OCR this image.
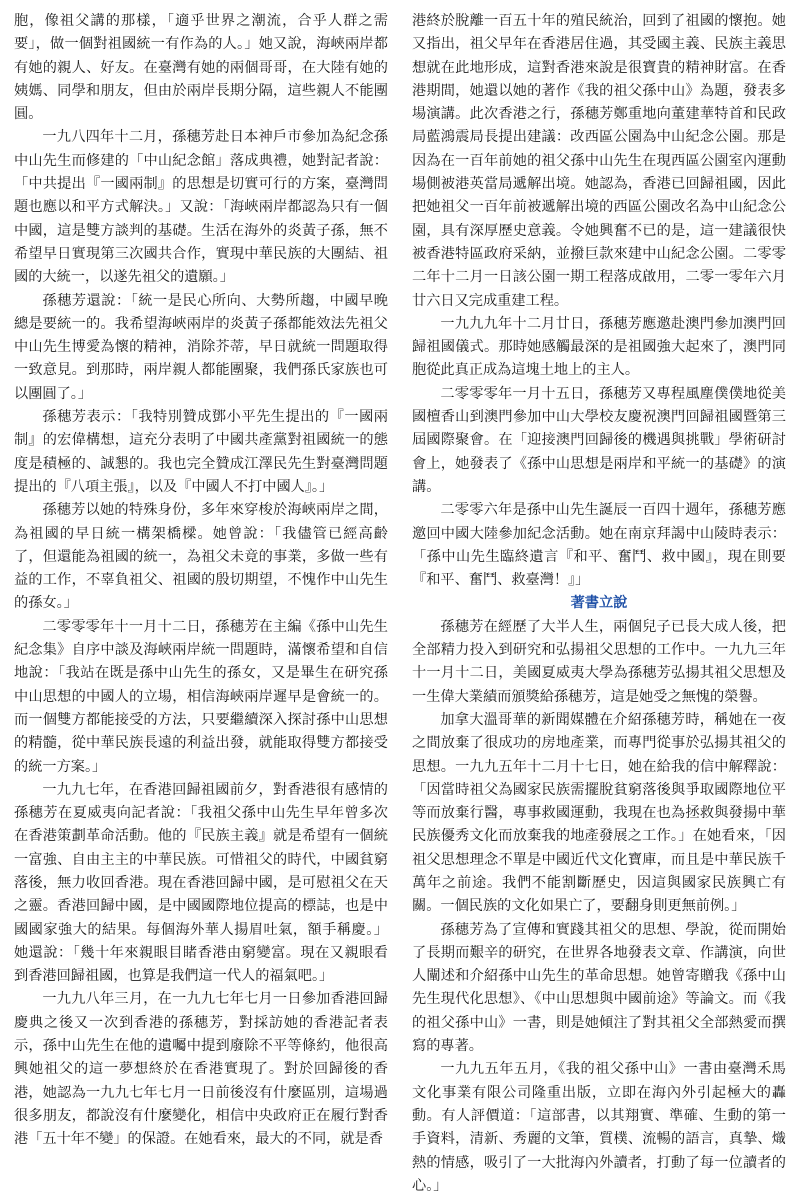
胞，像祖父講的那樣，「適乎世界之潮流，合乎人群之需要」，做一個對祖國統一有作為的人。」她又說，海峽兩岸都有她的親人、好友。在臺灣有她的兩個哥哥，在大陸有她的姨媽、同學和朋友，但由於兩岸長期分隔，這些親人不能團圓。

一九八四年十二月，孫穗芳赴日本神戶市參加為紀念孫中山先生而修建的「中山紀念館」落成典禮，她對記者說：「中共提出『一國兩制』的思想是切實可行的方案，臺灣問題也應以和平方式解決。」又說：「海峽兩岸都認為只有一個中國，這是雙方談判的基礎。生活在海外的炎黃子孫，無不希望早日實現第三次國共合作，實現中華民族的大團結、祖國的大統一，以遂先祖父的遺願。」

孫穗芳還說：「統一是民心所向、大勢所趨，中國早晚總是要統一的。我希望海峽兩岸的炎黃子孫都能效法先祖父中山先生博愛為懷的精神，消除芥蒂，早日就統一問題取得一致意見。到那時，兩岸親人都能團聚，我們孫氏家族也可以團圓了。」

孫穗芳表示：「我特別贊成鄧小平先生提出的『一國兩制』的宏偉構想，這充分表明了中國共產黨對祖國統一的態度是積極的、誠懇的。我也完全贊成江澤民先生對臺灣問題提出的『八項主張』，以及『中國人不打中國人』。」

孫穗芳以她的特殊身份，多年來穿梭於海峽兩岸之間，為祖國的早日統一構架橋樑。她曾說：「我儘管已經高齡了，但還能為祖國的統一，為祖父未竟的事業，多做一些有益的工作，不辜負祖父、祖國的殷切期望，不愧作中山先生的孫女。」

二零零零年十一月十二日，孫穗芳在主編《孫中山先生紀念集》自序中談及海峽兩岸統一問題時，滿懷希望和自信地說：「我站在既是孫中山先生的孫女，又是畢生在研究孫中山思想的中國人的立場，相信海峽兩岸遲早是會統一的。而一個雙方都能接受的方法，只要繼續深入探討孫中山思想的精髓，從中華民族長遠的利益出發，就能取得雙方都接受的統一方案。」

一九九七年，在香港回歸祖國前夕，對香港很有感情的孫穗芳在夏威夷向記者說：「我祖父孫中山先生早年曾多次在香港策劃革命活動。他的『民族主義』就是希望有一個統一富強、自由主主的中華民族。可惜祖父的時代，中國貧窮落後，無力收回香港。現在香港回歸中國，是可慰祖父在天之靈。香港回歸中國，是中國國際地位提高的標誌，也是中國國家強大的結果。每個海外華人揚眉吐氣，額手稱慶。」她還說：「幾十年來親眼目睹香港由窮變富。現在又親眼看到香港回歸祖國，也算是我們這一代人的福氣吧。」

一九九八年三月，在一九九七年七月一日參加香港回歸慶典之後又一次到香港的孫穗芳，對採訪她的香港記者表示，孫中山先生在他的遺囑中提到廢除不平等條約，他很高興她祖父的這一夢想終於在香港實現了。對於回歸後的香港，她認為一九九七年七月一日前後沒有什麼區別，這場過很多朋友，都說沒有什麼變化，相信中央政府正在履行對香港「五十年不變」的保證。在她看來，最大的不同，就是香

港終於脫離一百五十年的殖民統治，回到了祖國的懷抱。她又指出，祖父早年在香港居住過，其受國主義、民族主義思想就在此地形成，這對香港來說是很寶貴的精神財富。在香港期間，她還以她的著作《我的祖父孫中山》為題，發表多場演講。此次香港之行，孫穗芳鄭重地向董建華特首和民政局藍鴻震局長提出建議：改西區公園為中山紀念公園。那是因為在一百年前她的祖父孫中山先生在現西區公園室內運動場側被港英當局遞解出境。她認為，香港已回歸祖國，因此把她祖父一百年前被遞解出境的西區公園改名為中山紀念公園，具有深厚歷史意義。令她興奮不已的是，這一建議很快被香港特區政府采納，並撥巨款來建中山紀念公園。二零零二年十二月一日該公園一期工程落成啟用，二零一零年六月廿六日又完成重建工程。

一九九九年十二月廿日，孫穗芳應邀赴澳門參加澳門回歸祖國儀式。那時她感觸最深的是祖國強大起來了，澳門同胞從此真正成為這塊土地上的主人。

二零零零年一月十五日，孫穗芳又專程風塵僕僕地從美國檀香山到澳門參加中山大學校友慶祝澳門回歸祖國暨第三屆國際聚會。在「迎接澳門回歸後的機遇與挑戰」學術研討會上，她發表了《孫中山思想是兩岸和平統一的基礎》的演講。

二零零六年是孫中山先生誕辰一百四十週年，孫穗芳應邀回中國大陸參加紀念活動。她在南京拜謁中山陵時表示：「孫中山先生臨終遺言『和平、奮鬥、救中國』，現在則要『和平、奮鬥、救臺灣！』」

著書立說

孫穗芳在經歷了大半人生，兩個兒子已長大成人後，把全部精力投入到研究和弘揚祖父思想的工作中。一九九三年十一月十二日，美國夏威夷大學為孫穗芳弘揚其祖父思想及一生偉大業績而頒獎給孫穗芳，這是她受之無愧的榮譽。

加拿大溫哥華的新聞媒體在介紹孫穗芳時，稱她在一夜之間放棄了很成功的房地產業，而專門從事於弘揚其祖父的思想。一九九五年十二月十七日，她在給我的信中解釋說：「因當時祖父為國家民族需擺脫貧窮落後與爭取國際地位平等而放棄行醫，專事救國運動，我現在也為拯救與發揚中華民族優秀文化而放棄我的地產發展之工作。」在她看來，「因祖父思想理念不單是中國近代文化寶庫，而且是中華民族千萬年之前途。我們不能割斷歷史，因這與國家民族興亡有關。一個民族的文化如果亡了，要翻身則更無前例。」

孫穗芳為了宣傳和實踐其祖父的思想、學說，從而開始了長期而艱辛的研究，在世界各地發表文章、作講演，向世人闡述和介紹孫中山先生的革命思想。她曾寄贈我《孫中山先生現代化思想》、《中山思想與中國前途》等論文。而《我的祖父孫中山》一書，則是她傾注了對其祖父全部熱愛而撰寫的專著。

一九九五年五月，《我的祖父孫中山》一書由臺灣禾馬文化事業有限公司隆重出版，立即在海內外引起極大的轟動。有人評價道：「這部書，以其翔實、準確、生動的第一手資料，清新、秀麗的文筆，質樸、流暢的語言，真摯、熾熱的情感，吸引了一大批海內外讀者，打動了每一位讀者的心。」
